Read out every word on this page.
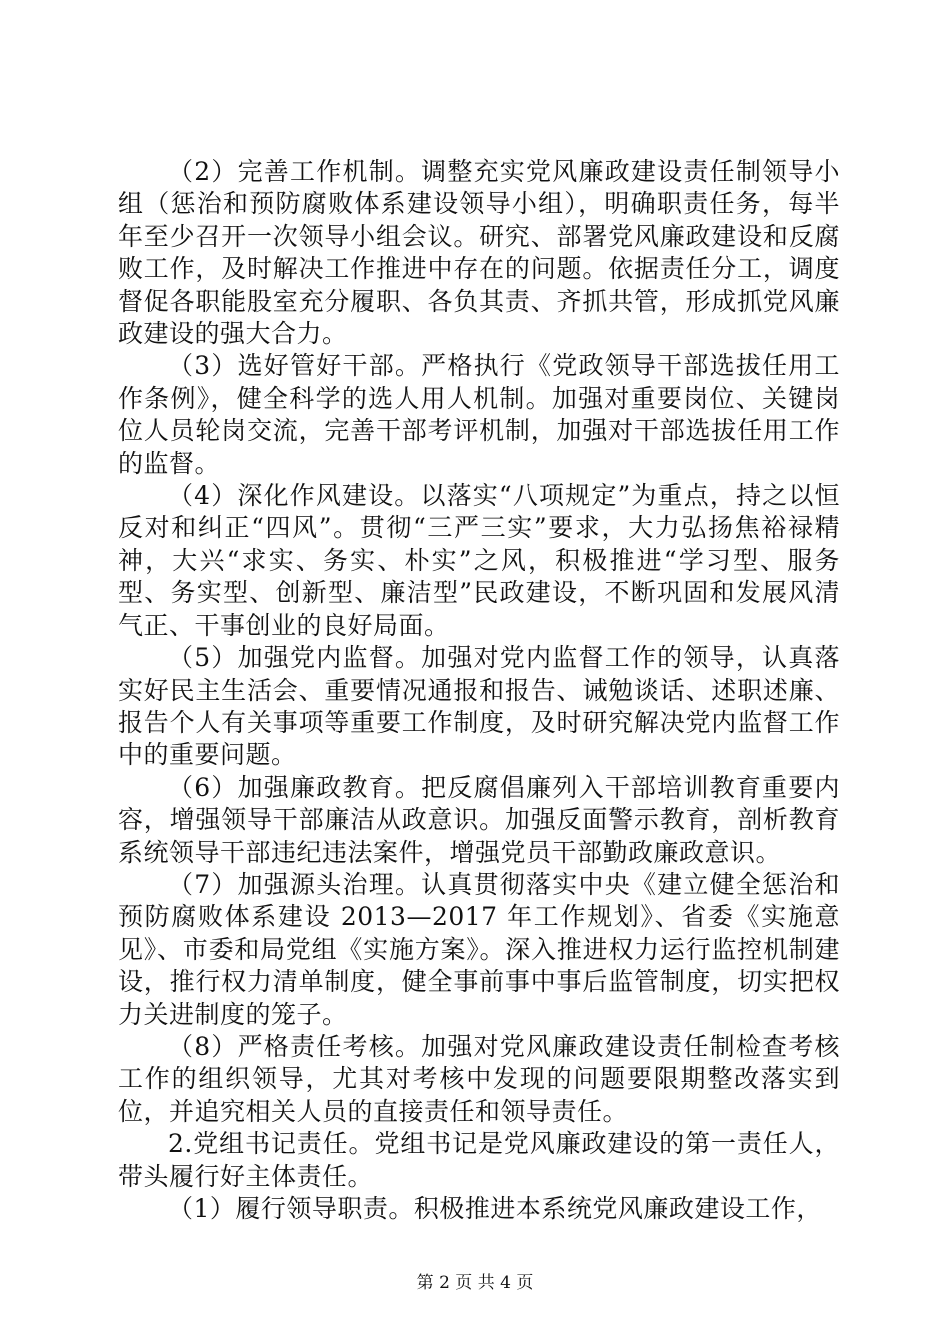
（2）完善工作机制。调整充实党风廉政建设责任制领导小组（惩治和预防腐败体系建设领导小组），明确职责任务，每半年至少召开一次领导小组会议。研究、部署党风廉政建设和反腐败工作，及时解决工作推进中存在的问题。依据责任分工，调度督促各职能股室充分履职、各负其责、齐抓共管，形成抓党风廉政建设的强大合力。

（3）选好管好干部。严格执行《党政领导干部选拔任用工作条例》，健全科学的选人用人机制。加强对重要岗位、关键岗位人员轮岗交流，完善干部考评机制，加强对干部选拔任用工作的监督。

（4）深化作风建设。以落实“八项规定”为重点，持之以恒反对和纠正“四风”。贯彻“三严三实”要求，大力弘扬焦裕禄精神，大兴“求实、务实、朴实”之风，积极推进“学习型、服务型、务实型、创新型、廉洁型”民政建设，不断巩固和发展风清气正、干事创业的良好局面。

（5）加强党内监督。加强对党内监督工作的领导，认真落实好民主生活会、重要情况通报和报告、诫勉谈话、述职述廉、报告个人有关事项等重要工作制度，及时研究解决党内监督工作中的重要问题。

（6）加强廉政教育。把反腐倡廉列入干部培训教育重要内容，增强领导干部廉洁从政意识。加强反面警示教育，剖析教育系统领导干部违纪违法案件，增强党员干部勤政廉政意识。

（7）加强源头治理。认真贯彻落实中央《建立健全惩治和预防腐败体系建设 2013—2017 年工作规划》、省委《实施意见》、市委和局党组《实施方案》。深入推进权力运行监控机制建设，推行权力清单制度，健全事前事中事后监管制度，切实把权力关进制度的笼子。

（8）严格责任考核。加强对党风廉政建设责任制检查考核工作的组织领导，尤其对考核中发现的问题要限期整改落实到位，并追究相关人员的直接责任和领导责任。

2.党组书记责任。党组书记是党风廉政建设的第一责任人，带头履行好主体责任。

（1）履行领导职责。积极推进本系统党风廉政建设工作，

第 2 页 共 4 页
